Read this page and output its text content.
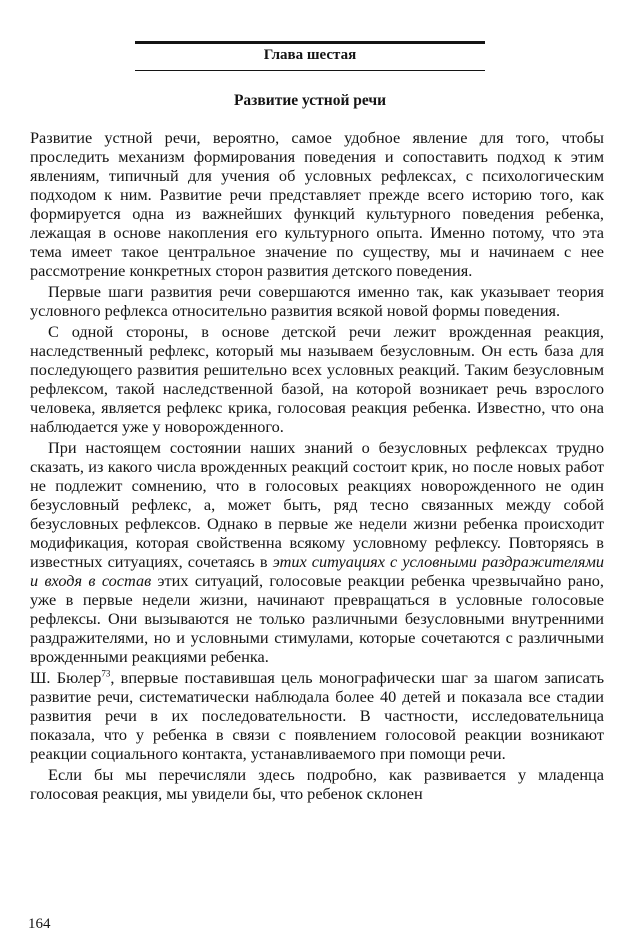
Глава шестая
Развитие устной речи

Развитие устной речи, вероятно, самое удобное явление для того, чтобы проследить механизм формирования поведения и сопоставить подход к этим явлениям, типичный для учения об условных рефлексах, с психологическим подходом к ним. Развитие речи представляет прежде всего историю того, как формируется одна из важнейших функций культурного поведения ребенка, лежащая в основе накопления его культурного опыта. Именно потому, что эта тема имеет такое центральное значение по существу, мы и начинаем с нее рассмотрение конкретных сторон развития детского поведения.

Первые шаги развития речи совершаются именно так, как указывает теория условного рефлекса относительно развития всякой новой формы поведения.

С одной стороны, в основе детской речи лежит врожденная реакция, наследственный рефлекс, который мы называем безусловным. Он есть база для последующего развития решительно всех условных реакций. Таким безусловным рефлексом, такой наследственной базой, на которой возникает речь взрослого человека, является рефлекс крика, голосовая реакция ребенка. Известно, что она наблюдается уже у новорожденного.

При настоящем состоянии наших знаний о безусловных рефлексах трудно сказать, из какого числа врожденных реакций состоит крик, но после новых работ не подлежит сомнению, что в голосовых реакциях новорожденного не один безусловный рефлекс, а, может быть, ряд тесно связанных между собой безусловных рефлексов. Однако в первые же недели жизни ребенка происходит модификация, которая свойственна всякому условному рефлексу. Повторяясь в известных ситуациях, сочетаясь в этих ситуациях с условными раздражителями и входя в состав этих ситуаций, голосовые реакции ребенка чрезвычайно рано, уже в первые недели жизни, начинают превращаться в условные голосовые рефлексы. Они вызываются не только различными безусловными внутренними раздражителями, но и условными стимулами, которые сочетаются с различными врожденными реакциями ребенка.

Ш. Бюлер$^{73}$, впервые поставившая цель монографически шаг за шагом записать развитие речи, систематически наблюдала более 40 детей и показала все стадии развития речи в их последовательности. В частности, исследовательница показала, что у ребенка в связи с появлением голосовой реакции возникают реакции социального контакта, устанавливаемого при помощи речи.

Если бы мы перечисляли здесь подробно, как развивается у младенца голосовая реакция, мы увидели бы, что ребенок склонен

164
